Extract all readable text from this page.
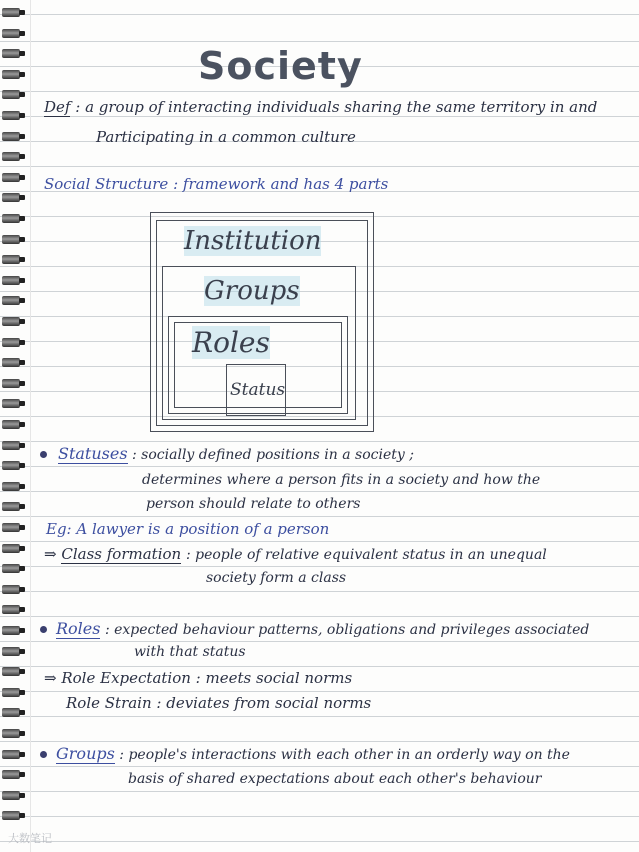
Society
Def : a group of interacting individuals sharing the same territory in and
Participating in a common culture
Social Structure : framework and has 4 parts
Institution
Groups
Roles
Status
Statuses : socially defined positions in a society ;
determines where a person fits in a society and how the
person should relate to others
Eg: A lawyer is a position of a person
⇒ Class formation : people of relative equivalent status in an unequal
society form a class
Roles : expected behaviour patterns, obligations and privileges associated
with that status
⇒ Role Expectation : meets social norms
Role Strain : deviates from social norms
Groups : people's interactions with each other in an orderly way on the
basis of shared expectations about each other's behaviour
大数笔记
